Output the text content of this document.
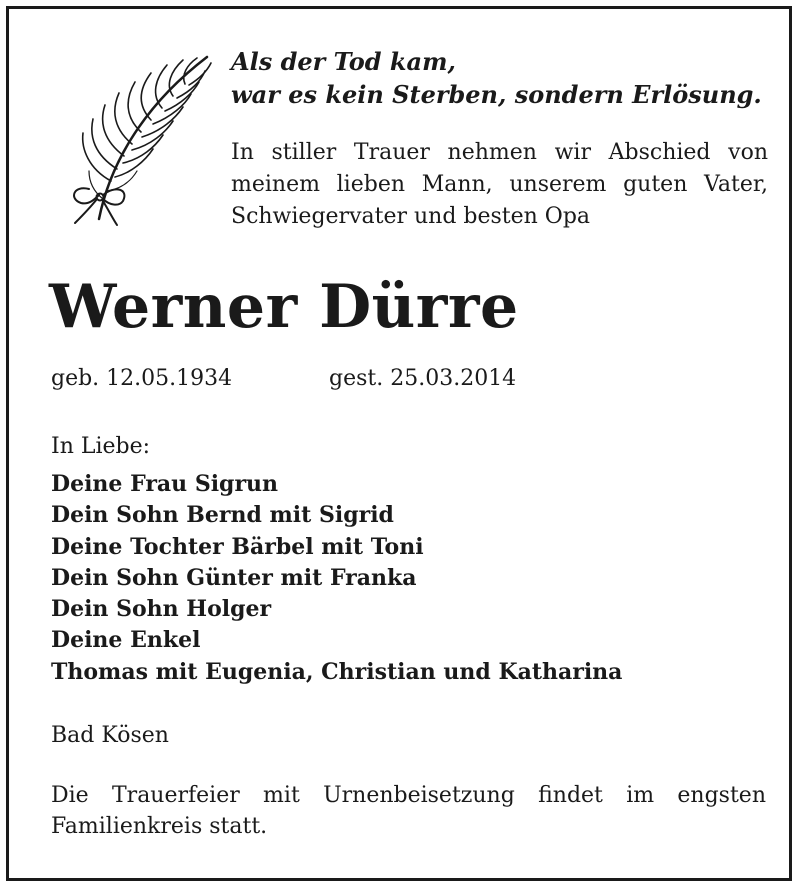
Als der Tod kam,
war es kein Sterben, sondern Erlösung.
In stiller Trauer nehmen wir Abschied von
meinem lieben Mann, unserem guten Vater,
Schwiegervater und besten Opa
Werner Dürre
geb. 12.05.1934	gest. 25.03.2014
In Liebe:
Deine Frau Sigrun
Dein Sohn Bernd mit Sigrid
Deine Tochter Bärbel mit Toni
Dein Sohn Günter mit Franka
Dein Sohn Holger
Deine Enkel
Thomas mit Eugenia, Christian und Katharina
Bad Kösen
Die Trauerfeier mit Urnenbeisetzung findet im engsten
Familienkreis statt.
